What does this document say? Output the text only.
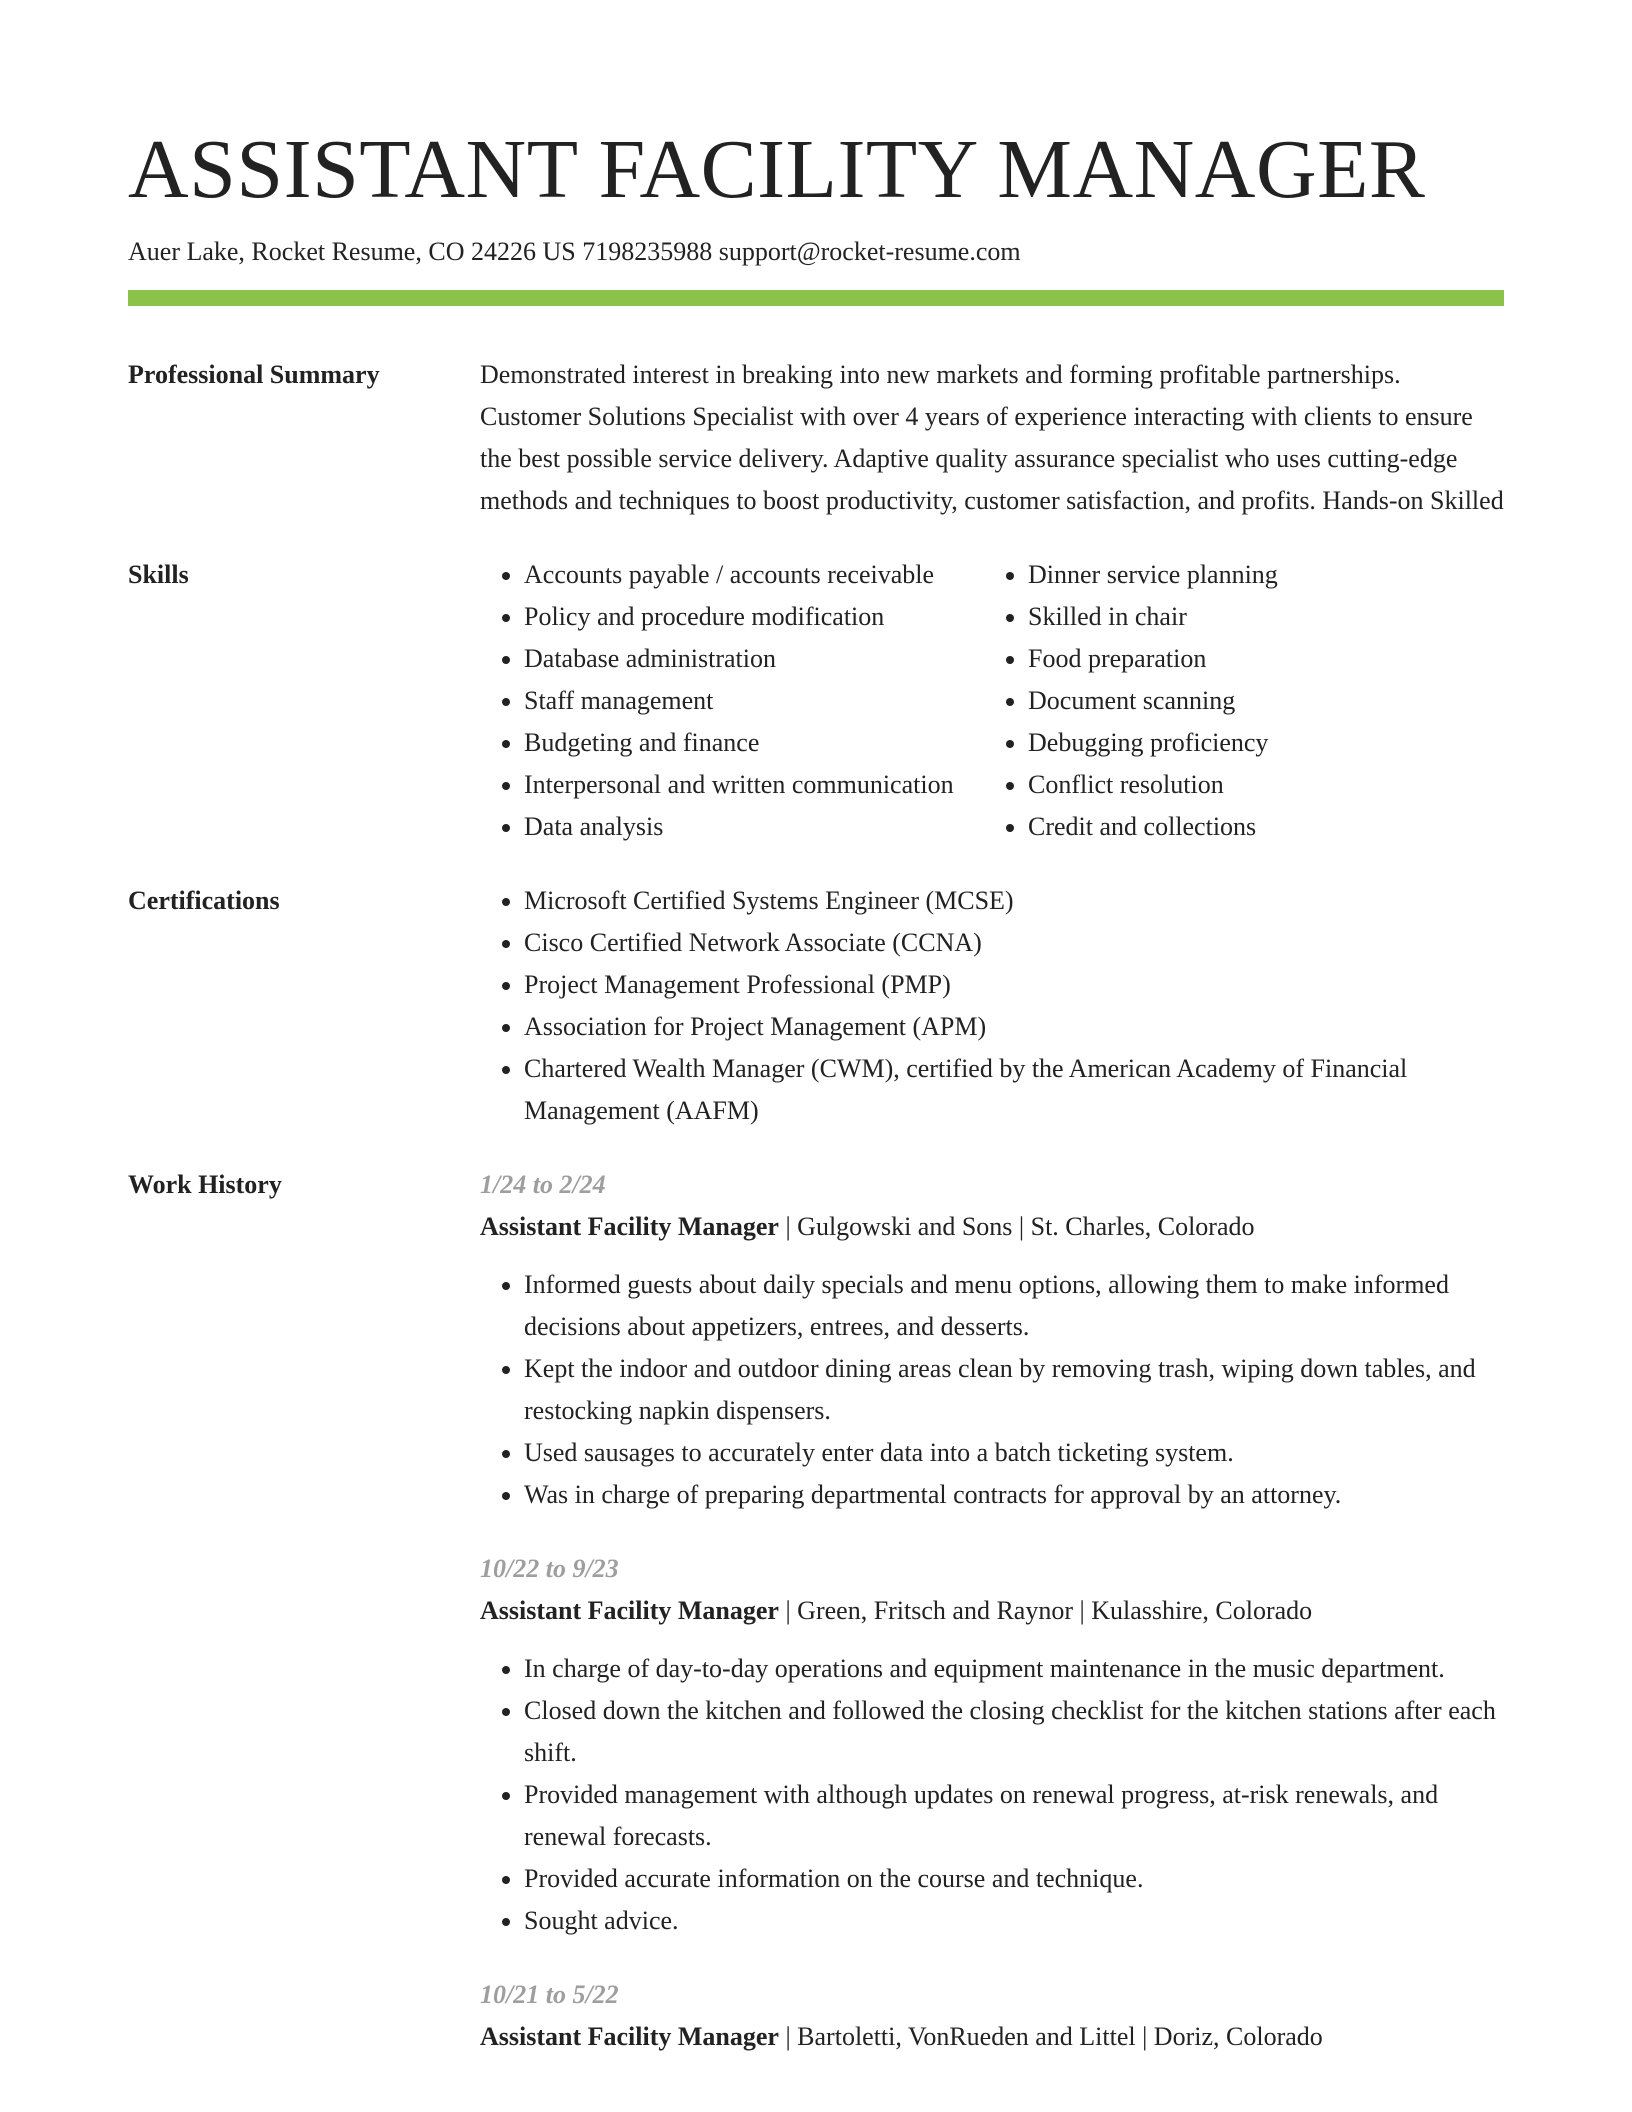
ASSISTANT FACILITY MANAGER
Auer Lake, Rocket Resume, CO 24226 US 7198235988 support@rocket-resume.com
Professional Summary	Demonstrated interest in breaking into new markets and forming profitable partnerships. Customer Solutions Specialist with over 4 years of experience interacting with clients to ensure the best possible service delivery. Adaptive quality assurance specialist who uses cutting-edge methods and techniques to boost productivity, customer satisfaction, and profits. Hands-on Skilled

Skills	• Accounts payable / accounts receivable
• Policy and procedure modification
• Database administration
• Staff management
• Budgeting and finance
• Interpersonal and written communication
• Data analysis
• Dinner service planning
• Skilled in chair
• Food preparation
• Document scanning
• Debugging proficiency
• Conflict resolution
• Credit and collections
Certifications	• Microsoft Certified Systems Engineer (MCSE)
• Cisco Certified Network Associate (CCNA)
• Project Management Professional (PMP)
• Association for Project Management (APM)
• Chartered Wealth Manager (CWM), certified by the American Academy of Financial Management (AAFM)
Work History	1/24 to 2/24
Assistant Facility Manager | Gulgowski and Sons | St. Charles, Colorado
• Informed guests about daily specials and menu options, allowing them to make informed decisions about appetizers, entrees, and desserts.
• Kept the indoor and outdoor dining areas clean by removing trash, wiping down tables, and restocking napkin dispensers.
• Used sausages to accurately enter data into a batch ticketing system.
• Was in charge of preparing departmental contracts for approval by an attorney.
10/22 to 9/23
Assistant Facility Manager | Green, Fritsch and Raynor | Kulasshire, Colorado
• In charge of day-to-day operations and equipment maintenance in the music department.
• Closed down the kitchen and followed the closing checklist for the kitchen stations after each shift.
• Provided management with although updates on renewal progress, at-risk renewals, and renewal forecasts.
• Provided accurate information on the course and technique.
• Sought advice.
10/21 to 5/22
Assistant Facility Manager | Bartoletti, VonRueden and Littel | Doriz, Colorado
